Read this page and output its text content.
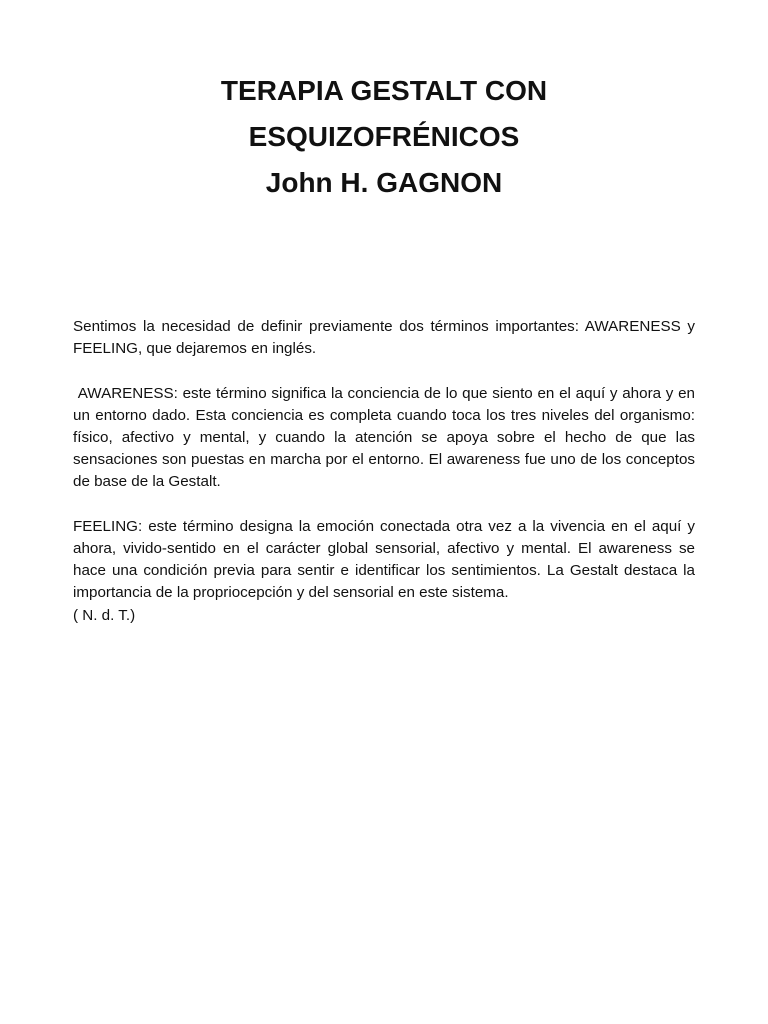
TERAPIA GESTALT CON
ESQUIZOFRÉNICOS
John H. GAGNON

Sentimos la necesidad de definir previamente dos términos importantes: AWARENESS y FEELING, que dejaremos en inglés.

AWARENESS: este término significa la conciencia de lo que siento en el aquí y ahora y en un entorno dado. Esta conciencia es completa cuando toca los tres niveles del organismo: físico, afectivo y mental, y cuando la atención se apoya sobre el hecho de que las sensaciones son puestas en marcha por el entorno. El awareness fue uno de los conceptos de base de la Gestalt.

FEELING: este término designa la emoción conectada otra vez a la vivencia en el aquí y ahora, vivido-sentido en el carácter global sensorial, afectivo y mental. El awareness se hace una condición previa para sentir e identificar los sentimientos. La Gestalt destaca la importancia de la propriocepción y del sensorial en este sistema.

( N. d. T.)
